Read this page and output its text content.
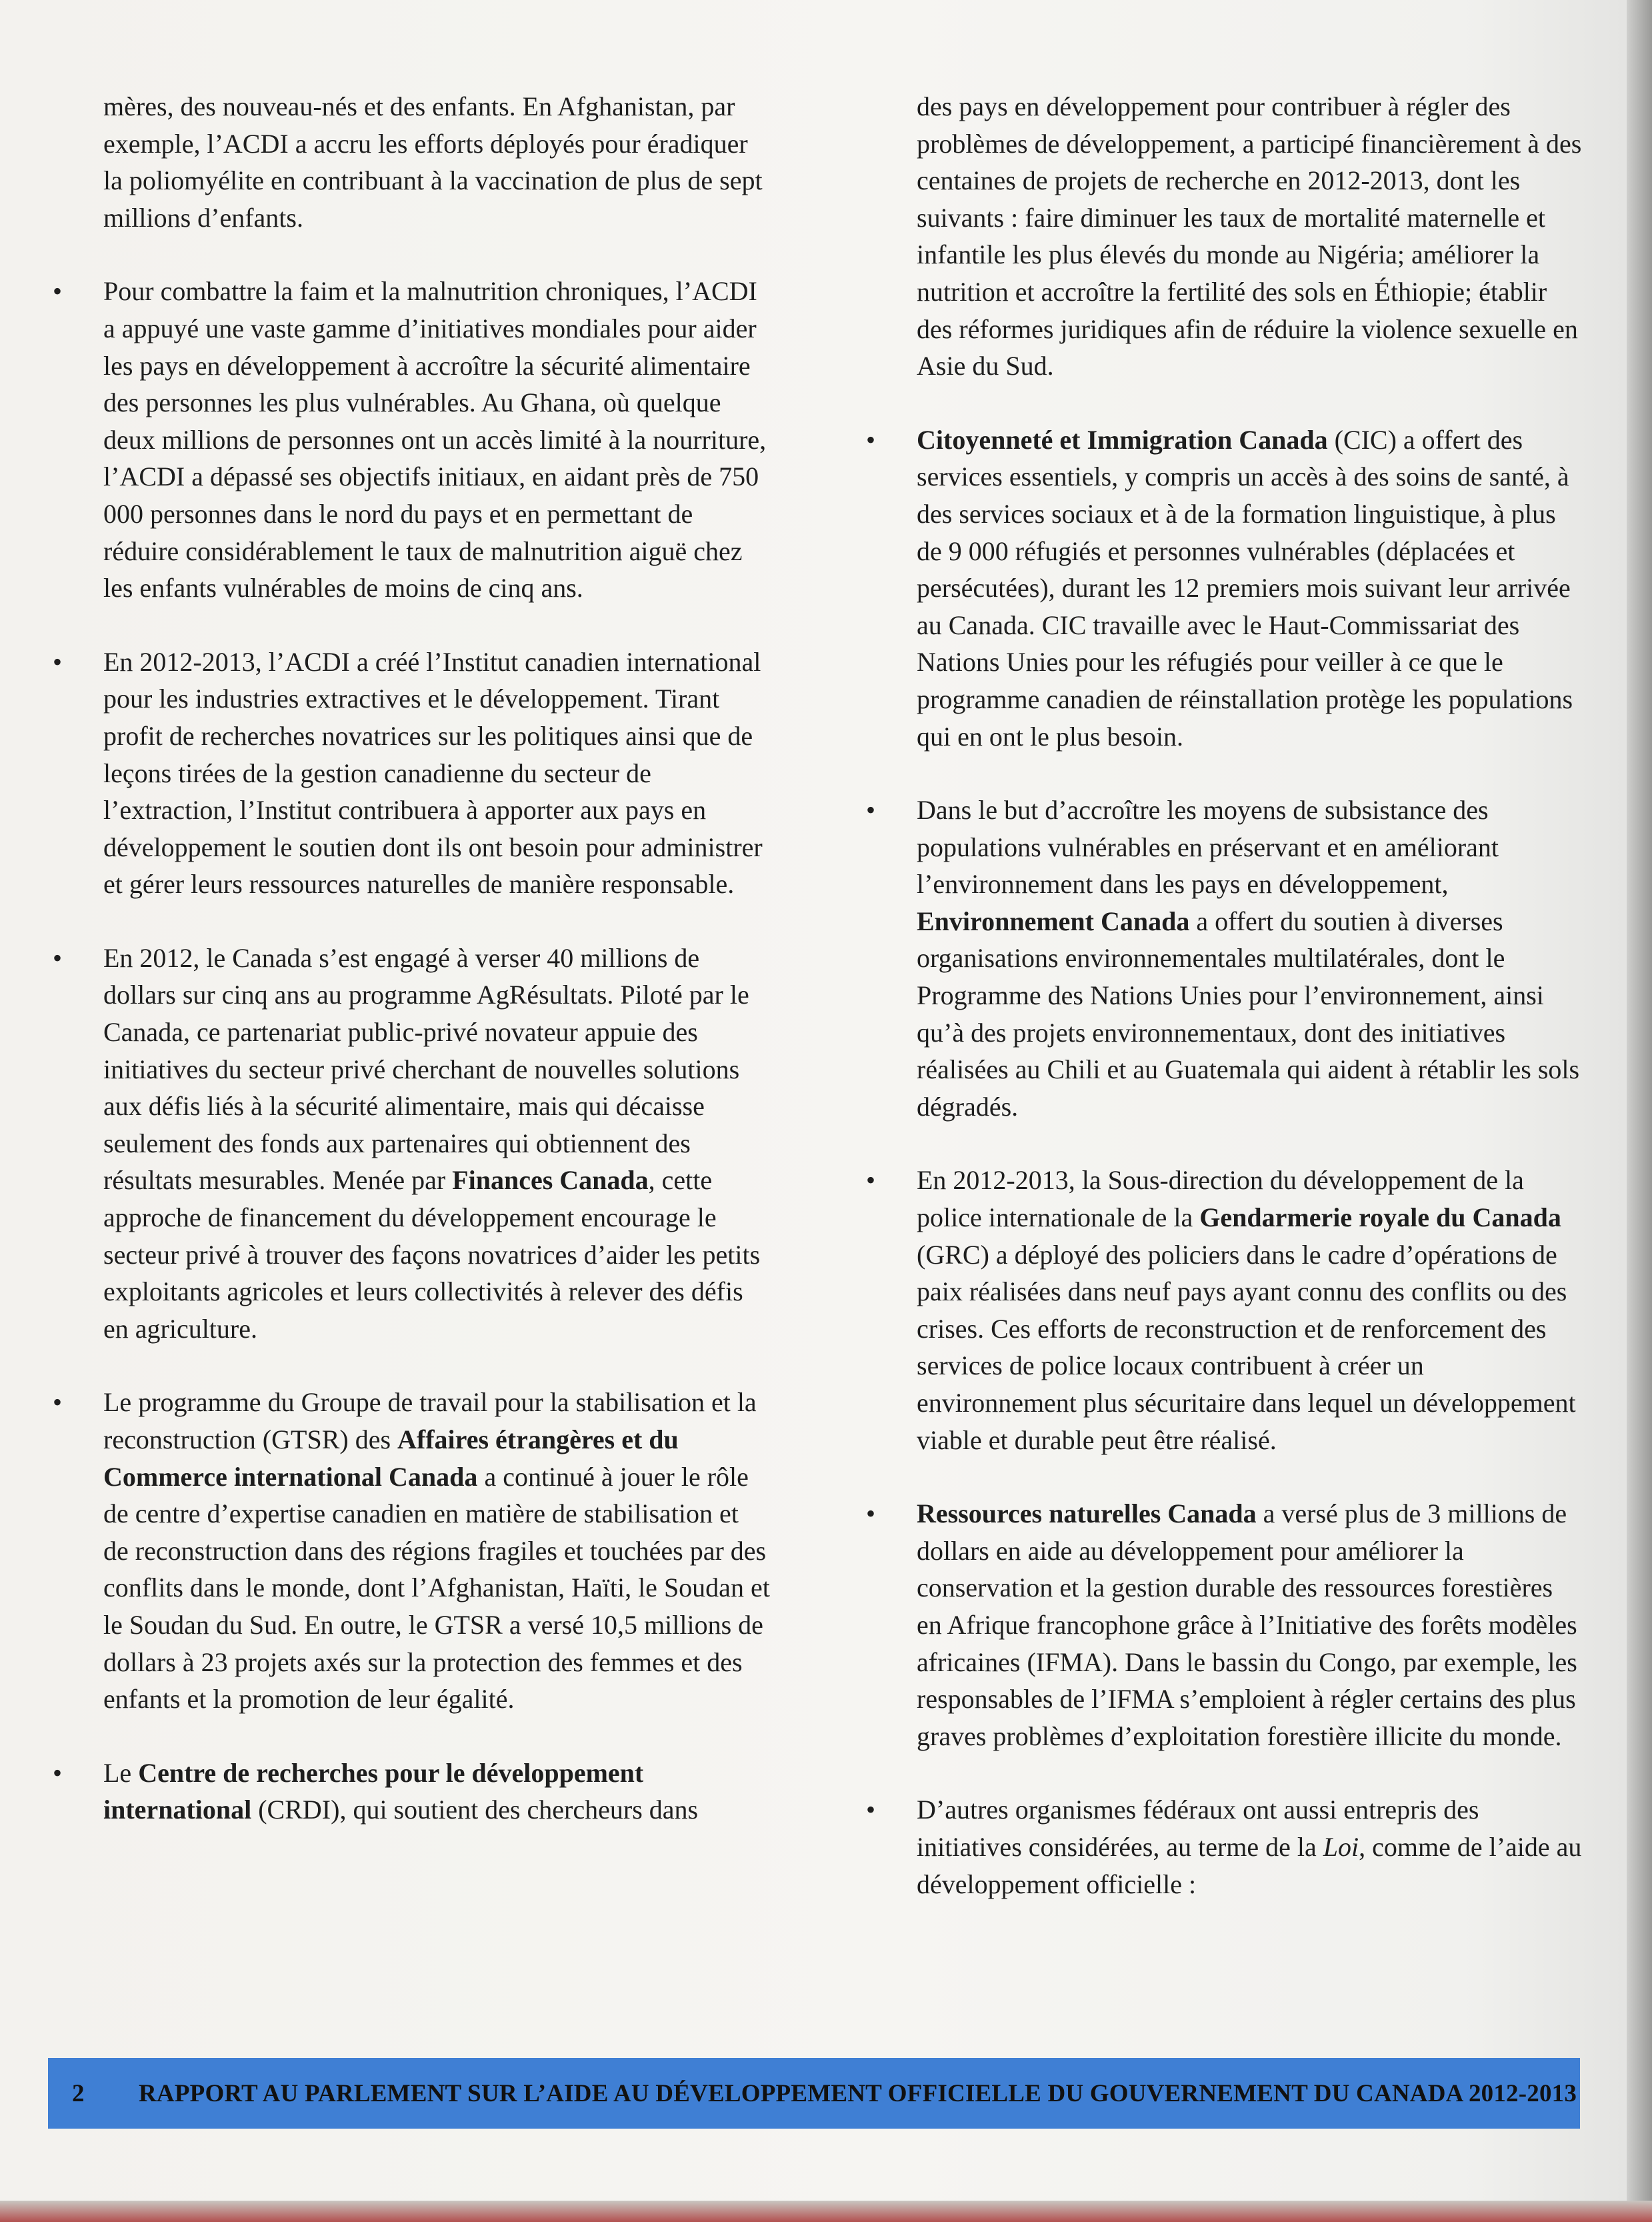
mères, des nouveau-nés et des enfants. En Afghanistan, par exemple, l’ACDI a accru les efforts déployés pour éradiquer la poliomyélite en contribuant à la vaccination de plus de sept millions d’enfants.

• Pour combattre la faim et la malnutrition chroniques, l’ACDI a appuyé une vaste gamme d’initiatives mondiales pour aider les pays en développement à accroître la sécurité alimentaire des personnes les plus vulnérables. Au Ghana, où quelque deux millions de personnes ont un accès limité à la nourriture, l’ACDI a dépassé ses objectifs initiaux, en aidant près de 750 000 personnes dans le nord du pays et en permettant de réduire considérablement le taux de malnutrition aiguë chez les enfants vulnérables de moins de cinq ans.

• En 2012-2013, l’ACDI a créé l’Institut canadien international pour les industries extractives et le développement. Tirant profit de recherches novatrices sur les politiques ainsi que de leçons tirées de la gestion canadienne du secteur de l’extraction, l’Institut contribuera à apporter aux pays en développement le soutien dont ils ont besoin pour administrer et gérer leurs ressources naturelles de manière responsable.

• En 2012, le Canada s’est engagé à verser 40 millions de dollars sur cinq ans au programme AgRésultats. Piloté par le Canada, ce partenariat public-privé novateur appuie des initiatives du secteur privé cherchant de nouvelles solutions aux défis liés à la sécurité alimentaire, mais qui décaisse seulement des fonds aux partenaires qui obtiennent des résultats mesurables. Menée par Finances Canada, cette approche de financement du développement encourage le secteur privé à trouver des façons novatrices d’aider les petits exploitants agricoles et leurs collectivités à relever des défis en agriculture.

• Le programme du Groupe de travail pour la stabilisation et la reconstruction (GTSR) des Affaires étrangères et du Commerce international Canada a continué à jouer le rôle de centre d’expertise canadien en matière de stabilisation et de reconstruction dans des régions fragiles et touchées par des conflits dans le monde, dont l’Afghanistan, Haïti, le Soudan et le Soudan du Sud. En outre, le GTSR a versé 10,5 millions de dollars à 23 projets axés sur la protection des femmes et des enfants et la promotion de leur égalité.

• Le Centre de recherches pour le développement international (CRDI), qui soutient des chercheurs dans

des pays en développement pour contribuer à régler des problèmes de développement, a participé financièrement à des centaines de projets de recherche en 2012-2013, dont les suivants : faire diminuer les taux de mortalité maternelle et infantile les plus élevés du monde au Nigéria; améliorer la nutrition et accroître la fertilité des sols en Éthiopie; établir des réformes juridiques afin de réduire la violence sexuelle en Asie du Sud.

• Citoyenneté et Immigration Canada (CIC) a offert des services essentiels, y compris un accès à des soins de santé, à des services sociaux et à de la formation linguistique, à plus de 9 000 réfugiés et personnes vulnérables (déplacées et persécutées), durant les 12 premiers mois suivant leur arrivée au Canada. CIC travaille avec le Haut-Commissariat des Nations Unies pour les réfugiés pour veiller à ce que le programme canadien de réinstallation protège les populations qui en ont le plus besoin.

• Dans le but d’accroître les moyens de subsistance des populations vulnérables en préservant et en améliorant l’environnement dans les pays en développement, Environnement Canada a offert du soutien à diverses organisations environnementales multilatérales, dont le Programme des Nations Unies pour l’environnement, ainsi qu’à des projets environnementaux, dont des initiatives réalisées au Chili et au Guatemala qui aident à rétablir les sols dégradés.

• En 2012-2013, la Sous-direction du développement de la police internationale de la Gendarmerie royale du Canada (GRC) a déployé des policiers dans le cadre d’opérations de paix réalisées dans neuf pays ayant connu des conflits ou des crises. Ces efforts de reconstruction et de renforcement des services de police locaux contribuent à créer un environnement plus sécuritaire dans lequel un développement viable et durable peut être réalisé.

• Ressources naturelles Canada a versé plus de 3 millions de dollars en aide au développement pour améliorer la conservation et la gestion durable des ressources forestières en Afrique francophone grâce à l’Initiative des forêts modèles africaines (IFMA). Dans le bassin du Congo, par exemple, les responsables de l’IFMA s’emploient à régler certains des plus graves problèmes d’exploitation forestière illicite du monde.

• D’autres organismes fédéraux ont aussi entrepris des initiatives considérées, au terme de la Loi, comme de l’aide au développement officielle :

2	RAPPORT AU PARLEMENT SUR L’AIDE AU DÉVELOPPEMENT OFFICIELLE DU GOUVERNEMENT DU CANADA 2012-2013
